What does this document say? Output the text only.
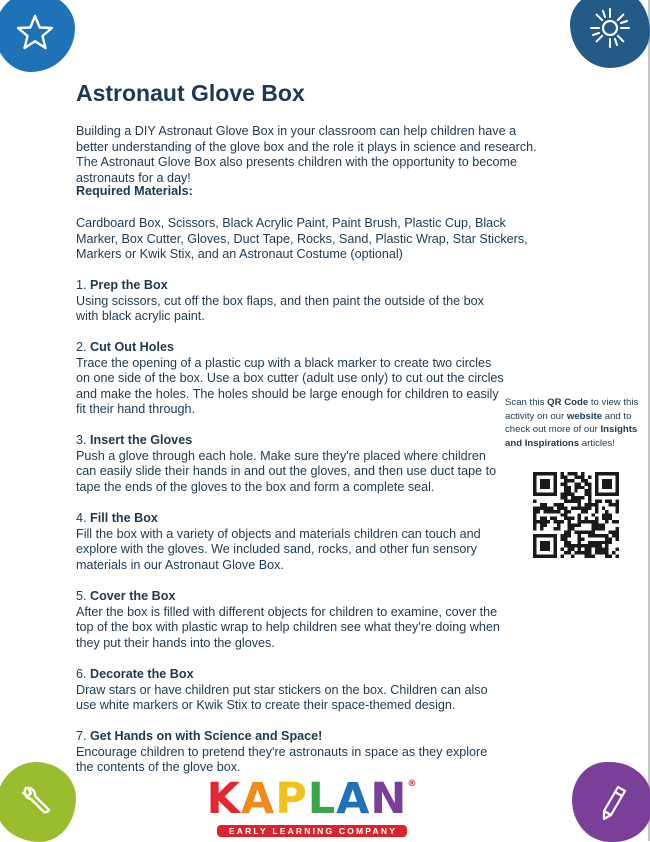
Astronaut Glove Box

Building a DIY Astronaut Glove Box in your classroom can help children have a better understanding of the glove box and the role it plays in science and research. The Astronaut Glove Box also presents children with the opportunity to become astronauts for a day!

Required Materials:

Cardboard Box, Scissors, Black Acrylic Paint, Paint Brush, Plastic Cup, Black Marker, Box Cutter, Gloves, Duct Tape, Rocks, Sand, Plastic Wrap, Star Stickers, Markers or Kwik Stix, and an Astronaut Costume (optional)

1. Prep the Box
Using scissors, cut off the box flaps, and then paint the outside of the box with black acrylic paint.
2. Cut Out Holes
Trace the opening of a plastic cup with a black marker to create two circles on one side of the box. Use a box cutter (adult use only) to cut out the circles and make the holes. The holes should be large enough for children to easily fit their hand through.
3. Insert the Gloves
Push a glove through each hole. Make sure they're placed where children can easily slide their hands in and out the gloves, and then use duct tape to tape the ends of the gloves to the box and form a complete seal.
4. Fill the Box
Fill the box with a variety of objects and materials children can touch and explore with the gloves. We included sand, rocks, and other fun sensory materials in our Astronaut Glove Box.
5. Cover the Box
After the box is filled with different objects for children to examine, cover the top of the box with plastic wrap to help children see what they're doing when they put their hands into the gloves.
6. Decorate the Box
Draw stars or have children put star stickers on the box. Children can also use white markers or Kwik Stix to create their space-themed design.
7. Get Hands on with Science and Space!
Encourage children to pretend they're astronauts in space as they explore the contents of the glove box.
Scan this QR Code to view this activity on our website and to check out more of our Insights and Inspirations articles!
K A P L A N ®
EARLY LEARNING COMPANY
